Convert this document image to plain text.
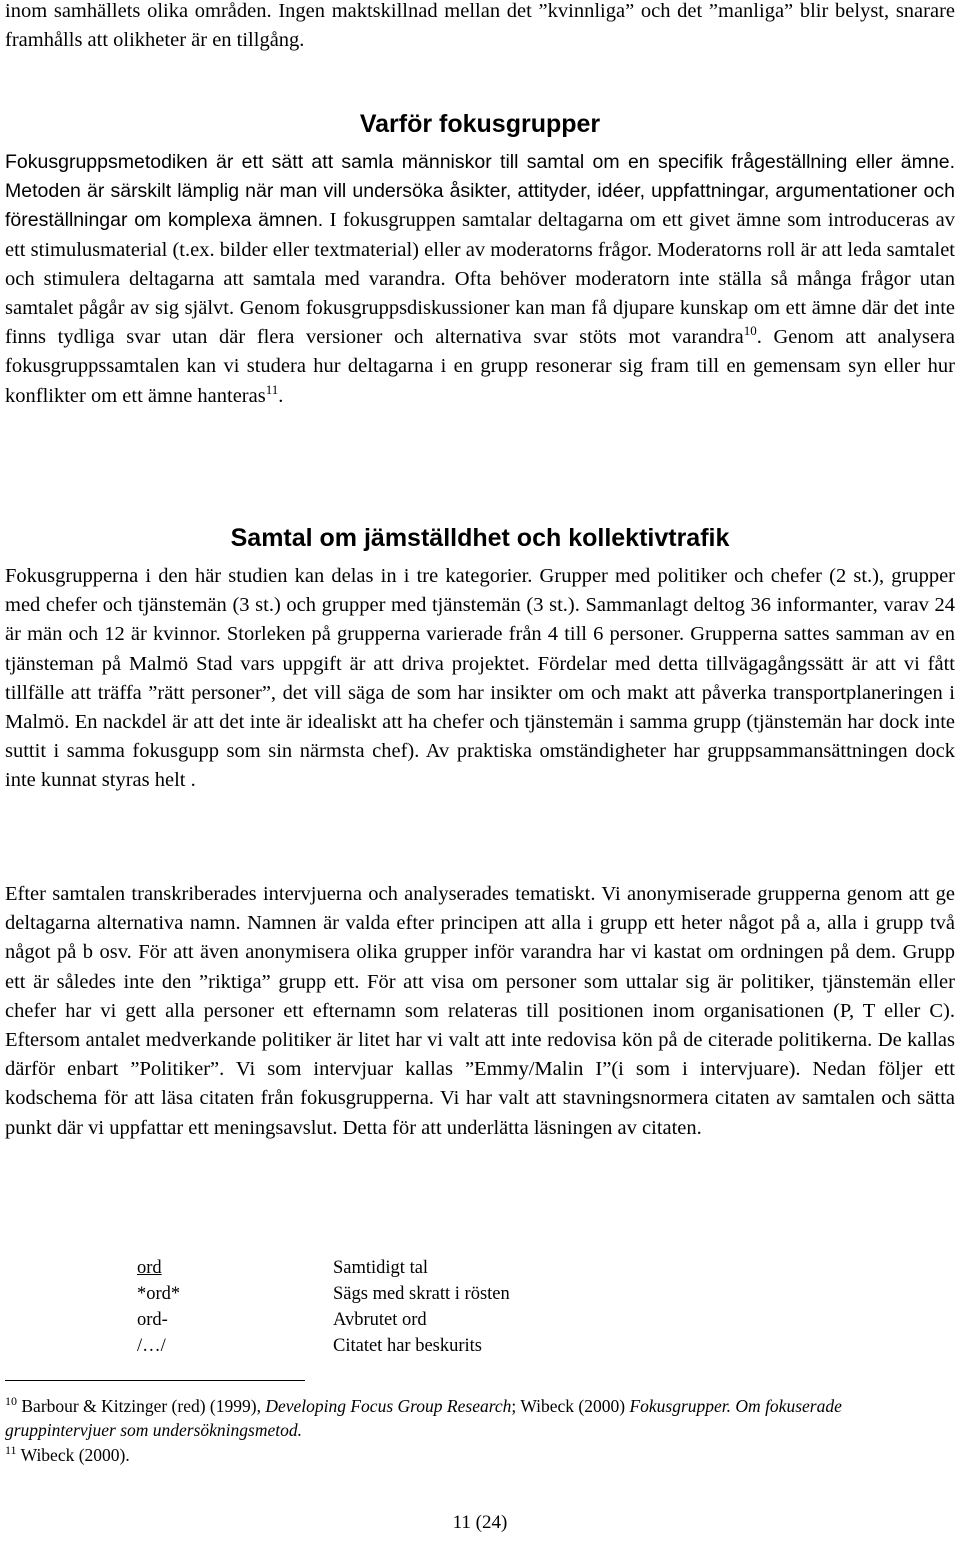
inom samhällets olika områden. Ingen maktskillnad mellan det ”kvinnliga” och det ”manliga” blir belyst, snarare framhålls att olikheter är en tillgång.

Varför fokusgrupper

Fokusgruppsmetodiken är ett sätt att samla människor till samtal om en specifik frågeställning eller ämne. Metoden är särskilt lämplig när man vill undersöka åsikter, attityder, idéer, uppfattningar, argumentationer och föreställningar om komplexa ämnen. I fokusgruppen samtalar deltagarna om ett givet ämne som introduceras av ett stimulusmaterial (t.ex. bilder eller textmaterial) eller av moderatorns frågor. Moderatorns roll är att leda samtalet och stimulera deltagarna att samtala med varandra. Ofta behöver moderatorn inte ställa så många frågor utan samtalet pågår av sig självt. Genom fokusgruppsdiskussioner kan man få djupare kunskap om ett ämne där det inte finns tydliga svar utan där flera versioner och alternativa svar stöts mot varandra$^{10}$. Genom att analysera fokusgruppssamtalen kan vi studera hur deltagarna i en grupp resonerar sig fram till en gemensam syn eller hur konflikter om ett ämne hanteras$^{11}$.

Samtal om jämställdhet och kollektivtrafik

Fokusgrupperna i den här studien kan delas in i tre kategorier. Grupper med politiker och chefer (2 st.), grupper med chefer och tjänstemän (3 st.) och grupper med tjänstemän (3 st.). Sammanlagt deltog 36 informanter, varav 24 är män och 12 är kvinnor. Storleken på grupperna varierade från 4 till 6 personer. Grupperna sattes samman av en tjänsteman på Malmö Stad vars uppgift är att driva projektet. Fördelar med detta tillvägagångssätt är att vi fått tillfälle att träffa ”rätt personer”, det vill säga de som har insikter om och makt att påverka transportplaneringen i Malmö. En nackdel är att det inte är idealiskt att ha chefer och tjänstemän i samma grupp (tjänstemän har dock inte suttit i samma fokusgupp som sin närmsta chef). Av praktiska omständigheter har gruppsammansättningen dock inte kunnat styras helt .

Efter samtalen transkriberades intervjuerna och analyserades tematiskt. Vi anonymiserade grupperna genom att ge deltagarna alternativa namn. Namnen är valda efter principen att alla i grupp ett heter något på a, alla i grupp två något på b osv. För att även anonymisera olika grupper inför varandra har vi kastat om ordningen på dem. Grupp ett är således inte den ”riktiga” grupp ett. För att visa om personer som uttalar sig är politiker, tjänstemän eller chefer har vi gett alla personer ett efternamn som relateras till positionen inom organisationen (P, T eller C). Eftersom antalet medverkande politiker är litet har vi valt att inte redovisa kön på de citerade politikerna. De kallas därför enbart ”Politiker”. Vi som intervjuar kallas ”Emmy/Malin I”(i som i intervjuare). Nedan följer ett kodschema för att läsa citaten från fokusgrupperna. Vi har valt att stavningsnormera citaten av samtalen och sätta punkt där vi uppfattar ett meningsavslut. Detta för att underlätta läsningen av citaten.

ord	Samtidigt tal
*ord*	Sägs med skratt i rösten
ord-	Avbrutet ord
/…/	Citatet har beskurits

$^{10}$ Barbour & Kitzinger (red) (1999), Developing Focus Group Research; Wibeck (2000) Fokusgrupper. Om fokuserade gruppintervjuer som undersökningsmetod.

$^{11}$ Wibeck (2000).

11 (24)
